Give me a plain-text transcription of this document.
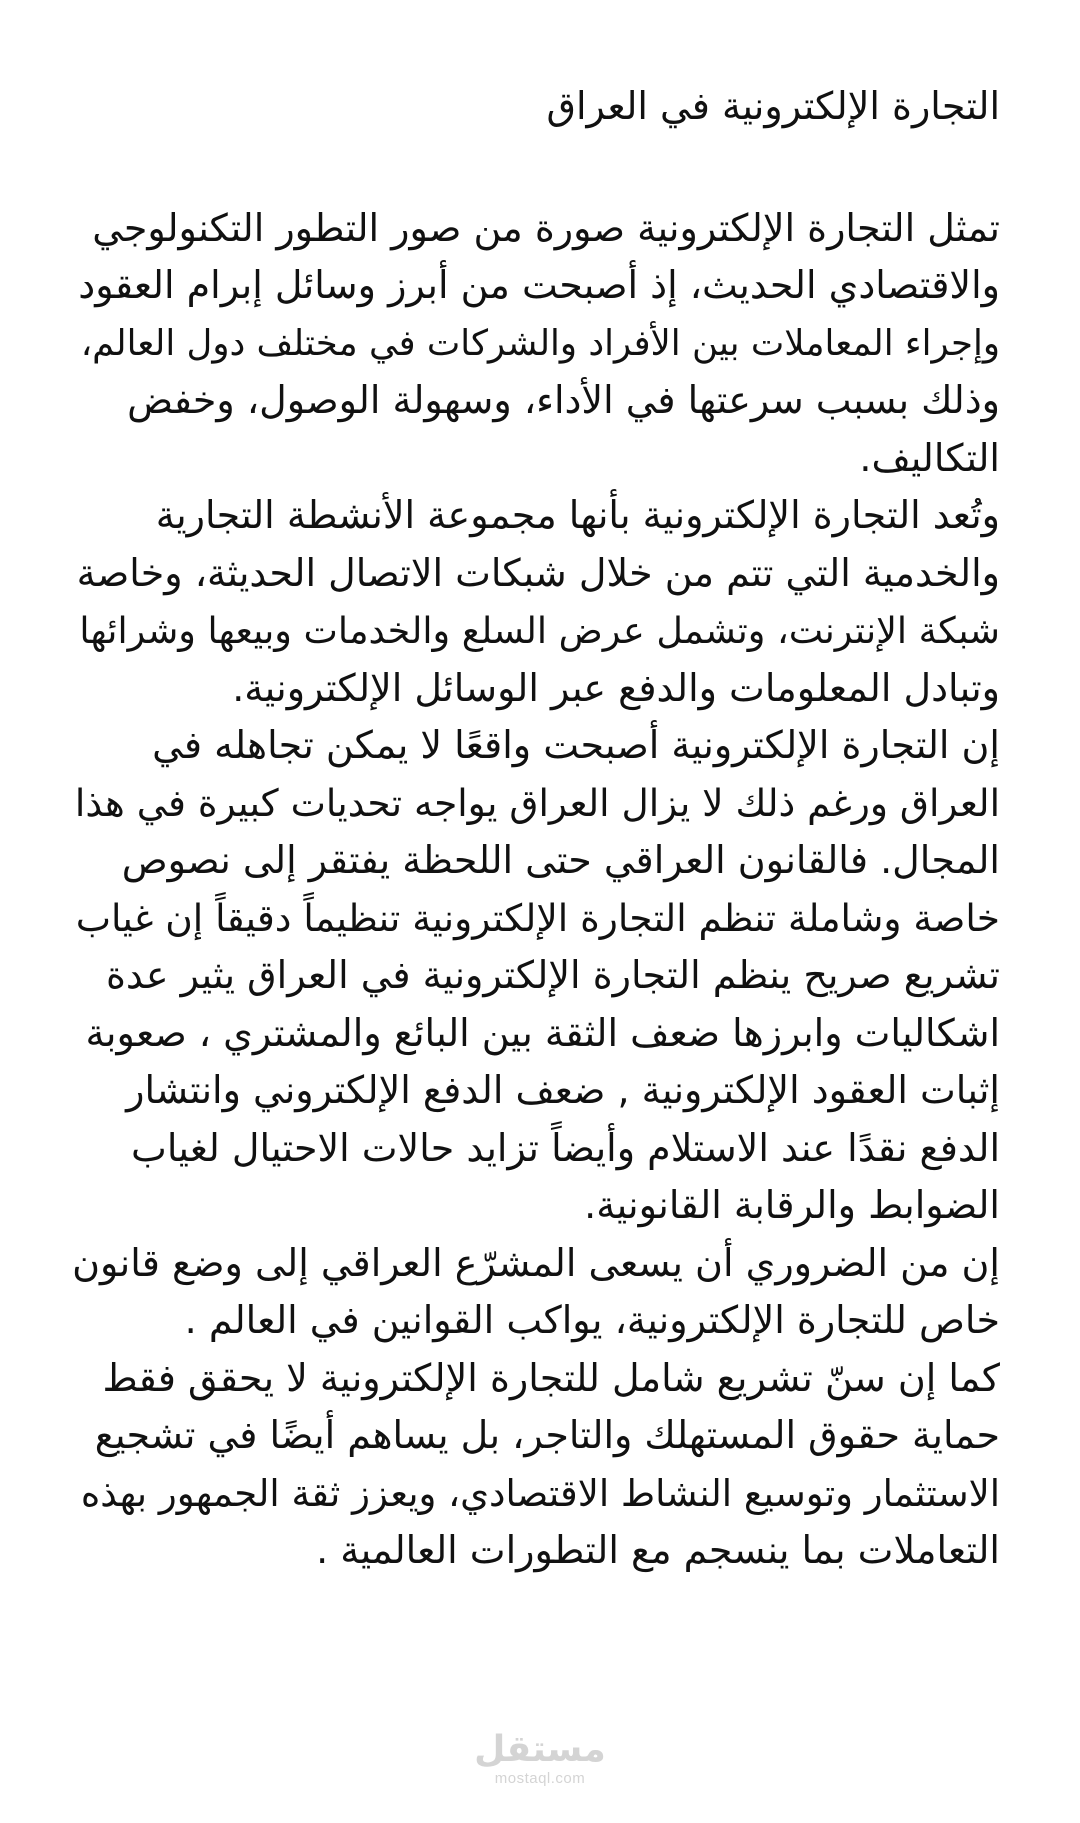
التجارة الإلكترونية في العراق

تمثل التجارة الإلكترونية صورة من صور التطور التكنولوجي
والاقتصادي الحديث، إذ أصبحت من أبرز وسائل إبرام العقود
وإجراء المعاملات بين الأفراد والشركات في مختلف دول العالم،
وذلك بسبب سرعتها في الأداء، وسهولة الوصول، وخفض
التكاليف.

وتُعد التجارة الإلكترونية بأنها مجموعة الأنشطة التجارية
والخدمية التي تتم من خلال شبكات الاتصال الحديثة، وخاصة
شبكة الإنترنت، وتشمل عرض السلع والخدمات وبيعها وشرائها
وتبادل المعلومات والدفع عبر الوسائل الإلكترونية.

إن التجارة الإلكترونية أصبحت واقعًا لا يمكن تجاهله في
العراق ورغم ذلك لا يزال العراق يواجه تحديات كبيرة في هذا
المجال. فالقانون العراقي حتى اللحظة يفتقر إلى نصوص
خاصة وشاملة تنظم التجارة الإلكترونية تنظيماً دقيقاً إن غياب
تشريع صريح ينظم التجارة الإلكترونية في العراق يثير عدة
اشكاليات وابرزها ضعف الثقة بين البائع والمشتري ، صعوبة
إثبات العقود الإلكترونية , ضعف الدفع الإلكتروني وانتشار
الدفع نقدًا عند الاستلام وأيضاً تزايد حالات الاحتيال لغياب
الضوابط والرقابة القانونية.

إن من الضروري أن يسعى المشرّع العراقي إلى وضع قانون
خاص للتجارة الإلكترونية، يواكب القوانين في العالم .

كما إن سنّ تشريع شامل للتجارة الإلكترونية لا يحقق فقط
حماية حقوق المستهلك والتاجر، بل يساهم أيضًا في تشجيع
الاستثمار وتوسيع النشاط الاقتصادي، ويعزز ثقة الجمهور بهذه
التعاملات بما ينسجم مع التطورات العالمية .

مستقل
mostaql.com
